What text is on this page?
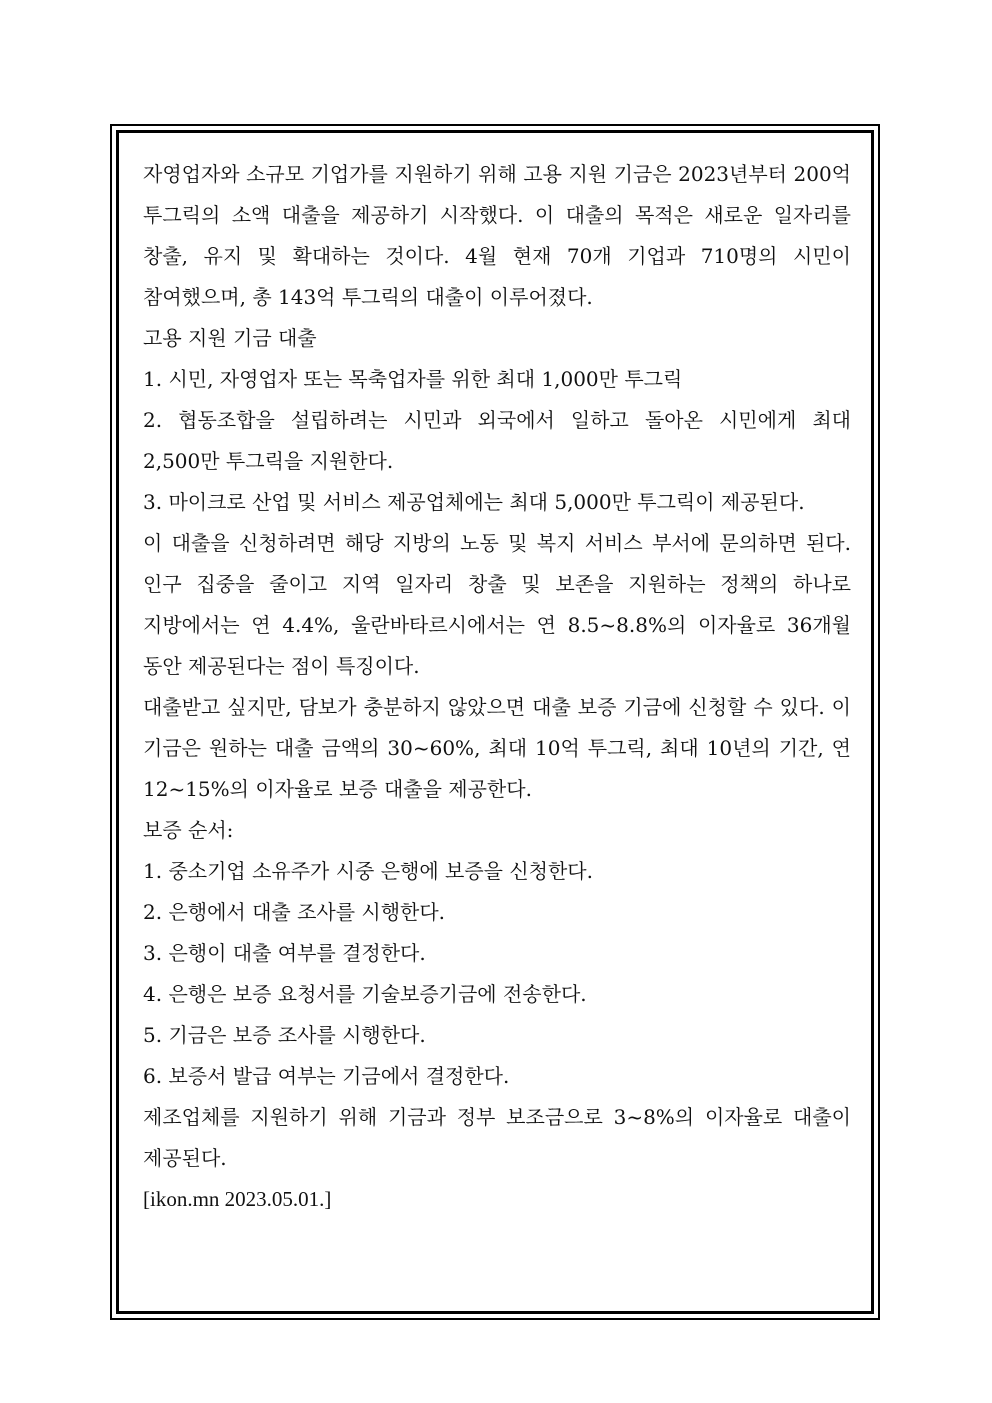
자영업자와 소규모 기업가를 지원하기 위해 고용 지원 기금은 2023년부터 200억 투그릭의 소액 대출을 제공하기 시작했다. 이 대출의 목적은 새로운 일자리를 창출, 유지 및 확대하는 것이다. 4월 현재 70개 기업과 710명의 시민이 참여했으며, 총 143억 투그릭의 대출이 이루어졌다.

고용 지원 기금 대출

1. 시민, 자영업자 또는 목축업자를 위한 최대 1,000만 투그릭
2. 협동조합을 설립하려는 시민과 외국에서 일하고 돌아온 시민에게 최대 2,500만 투그릭을 지원한다.
3. 마이크로 산업 및 서비스 제공업체에는 최대 5,000만 투그릭이 제공된다.

이 대출을 신청하려면 해당 지방의 노동 및 복지 서비스 부서에 문의하면 된다. 인구 집중을 줄이고 지역 일자리 창출 및 보존을 지원하는 정책의 하나로 지방에서는 연 4.4%, 울란바타르시에서는 연 8.5~8.8%의 이자율로 36개월 동안 제공된다는 점이 특징이다.

대출받고 싶지만, 담보가 충분하지 않았으면 대출 보증 기금에 신청할 수 있다. 이 기금은 원하는 대출 금액의 30~60%, 최대 10억 투그릭, 최대 10년의 기간, 연 12~15%의 이자율로 보증 대출을 제공한다.

보증 순서:

1. 중소기업 소유주가 시중 은행에 보증을 신청한다.
2. 은행에서 대출 조사를 시행한다.
3. 은행이 대출 여부를 결정한다.
4. 은행은 보증 요청서를 기술보증기금에 전송한다.
5. 기금은 보증 조사를 시행한다.
6. 보증서 발급 여부는 기금에서 결정한다.

제조업체를 지원하기 위해 기금과 정부 보조금으로 3~8%의 이자율로 대출이 제공된다.

[ikon.mn 2023.05.01.]
